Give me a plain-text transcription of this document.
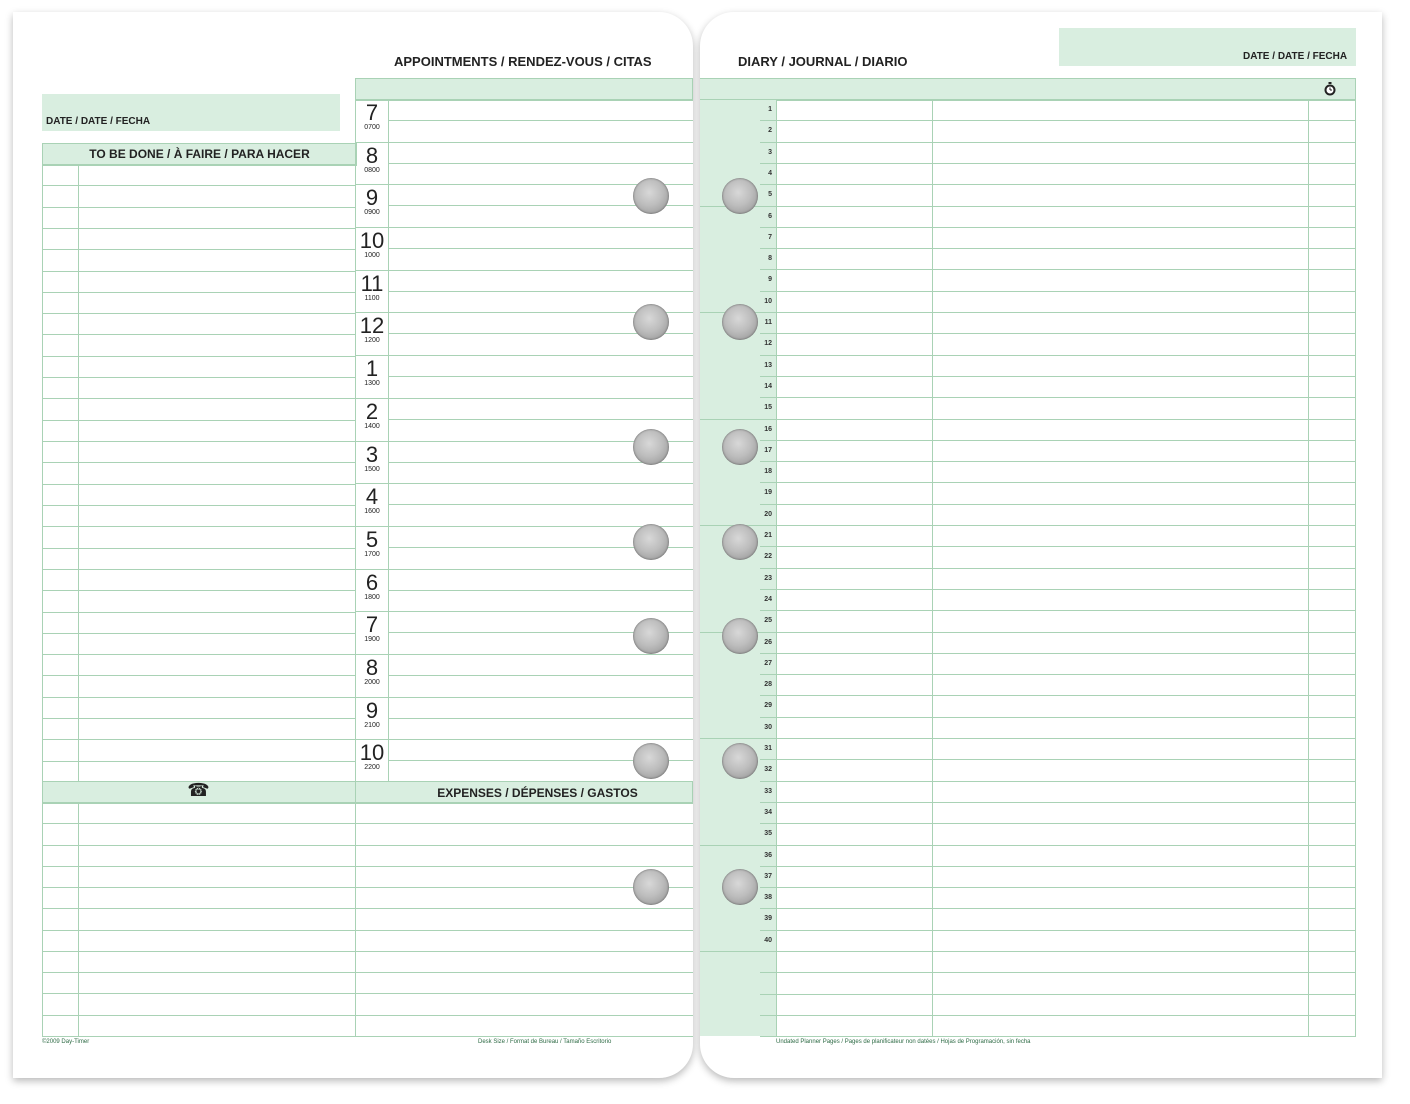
DATE / DATE / FECHA
APPOINTMENTS / RENDEZ-VOUS / CITAS
TO BE DONE / À FAIRE / PARA HACER
7
0700
8
0800
9
0900
10
1000
11
1100
12
1200
1
1300
2
1400
3
1500
4
1600
5
1700
6
1800
7
1900
8
2000
9
2100
10
2200
☎	EXPENSES / DÉPENSES / GASTOS
©2009 Day-Timer	Desk Size / Format de Bureau / Tamaño Escritorio
DIARY / JOURNAL / DIARIO	DATE / DATE / FECHA
1
2
3
4
5
6
7
8
9
10
11
12
13
14
15
16
17
18
19
20
21
22
23
24
25
26
27
28
29
30
31
32
33
34
35
36
37
38
39
40
Undated Planner Pages / Pages de planificateur non datées / Hojas de Programación, sin fecha
